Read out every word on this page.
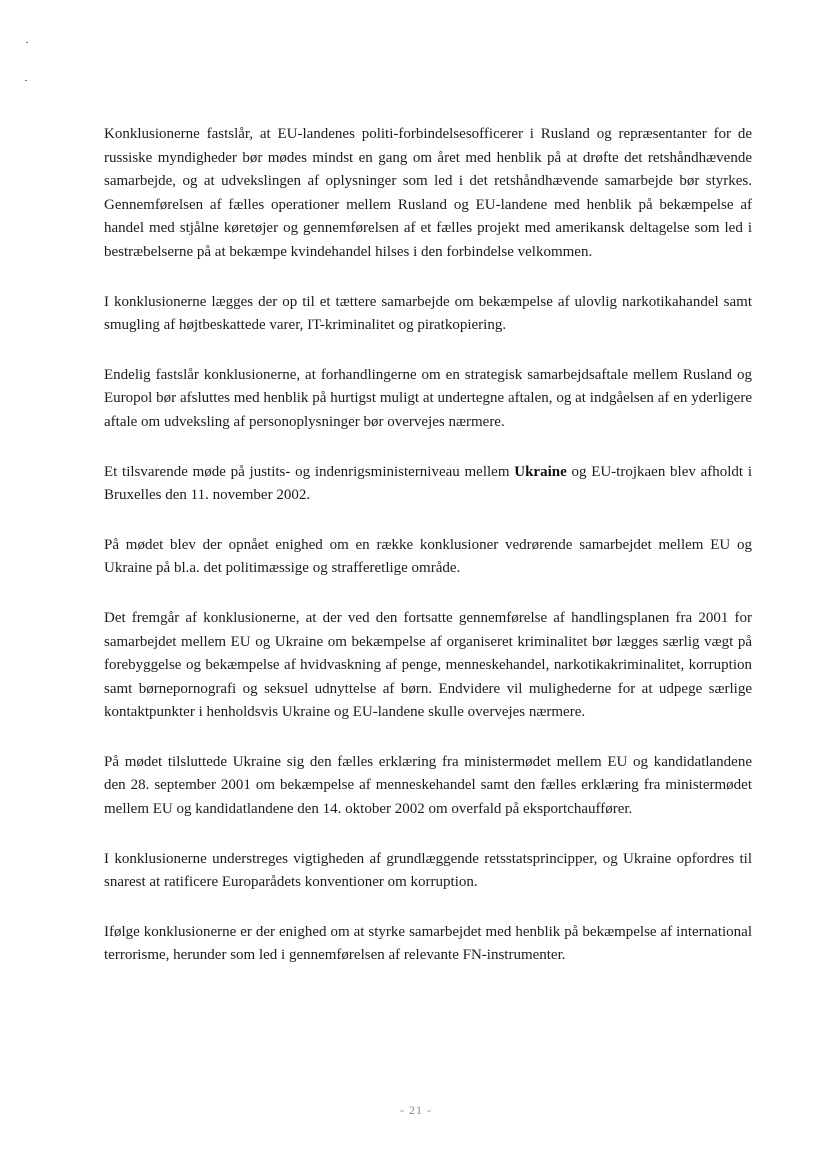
Konklusionerne fastslår, at EU-landenes politi-forbindelsesofficerer i Rusland og repræsentanter for de russiske myndigheder bør mødes mindst en gang om året med henblik på at drøfte det retshåndhævende samarbejde, og at udvekslingen af oplysninger som led i det retshåndhævende samarbejde bør styrkes. Gennemførelsen af fælles operationer mellem Rusland og EU-landene med henblik på bekæmpelse af handel med stjålne køretøjer og gennemførelsen af et fælles projekt med amerikansk deltagelse som led i bestræbelserne på at bekæmpe kvindehandel hilses i den forbindelse velkommen.

I konklusionerne lægges der op til et tættere samarbejde om bekæmpelse af ulovlig narkotikahandel samt smugling af højtbeskattede varer, IT-kriminalitet og piratkopiering.

Endelig fastslår konklusionerne, at forhandlingerne om en strategisk samarbejdsaftale mellem Rusland og Europol bør afsluttes med henblik på hurtigst muligt at undertegne aftalen, og at indgåelsen af en yderligere aftale om udveksling af personoplysninger bør overvejes nærmere.

Et tilsvarende møde på justits- og indenrigsministerniveau mellem Ukraine og EU-trojkaen blev afholdt i Bruxelles den 11. november 2002.

På mødet blev der opnået enighed om en række konklusioner vedrørende samarbejdet mellem EU og Ukraine på bl.a. det politimæssige og strafferetlige område.

Det fremgår af konklusionerne, at der ved den fortsatte gennemførelse af handlingsplanen fra 2001 for samarbejdet mellem EU og Ukraine om bekæmpelse af organiseret kriminalitet bør lægges særlig vægt på forebyggelse og bekæmpelse af hvidvaskning af penge, menneskehandel, narkotikakriminalitet, korruption samt børnepornografi og seksuel udnyttelse af børn. Endvidere vil mulighederne for at udpege særlige kontaktpunkter i henholdsvis Ukraine og EU-landene skulle overvejes nærmere.

På mødet tilsluttede Ukraine sig den fælles erklæring fra ministermødet mellem EU og kandidatlandene den 28. september 2001 om bekæmpelse af menneskehandel samt den fælles erklæring fra ministermødet mellem EU og kandidatlandene den 14. oktober 2002 om overfald på eksportchauffører.

I konklusionerne understreges vigtigheden af grundlæggende retsstatsprincipper, og Ukraine opfordres til snarest at ratificere Europarådets konventioner om korruption.

Ifølge konklusionerne er der enighed om at styrke samarbejdet med henblik på bekæmpelse af international terrorisme, herunder som led i gennemførelsen af relevante FN-instrumenter.

- 21 -
